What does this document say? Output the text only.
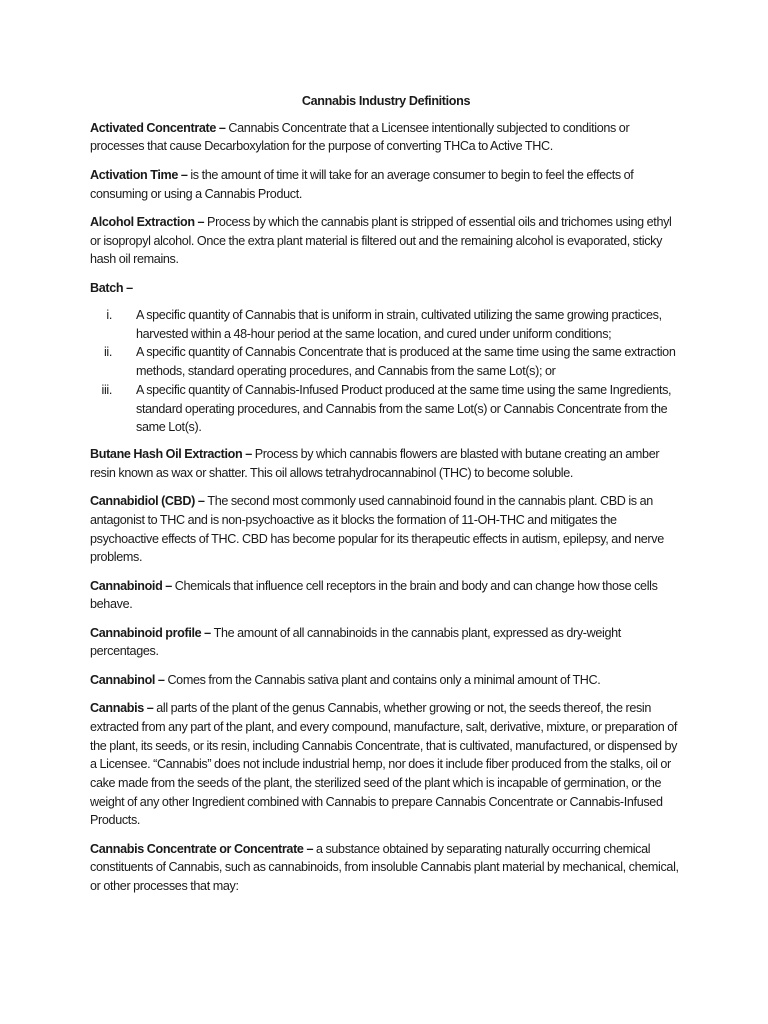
Cannabis Industry Definitions

Activated Concentrate – Cannabis Concentrate that a Licensee intentionally subjected to conditions or processes that cause Decarboxylation for the purpose of converting THCa to Active THC.

Activation Time – is the amount of time it will take for an average consumer to begin to feel the effects of consuming or using a Cannabis Product.

Alcohol Extraction – Process by which the cannabis plant is stripped of essential oils and trichomes using ethyl or isopropyl alcohol. Once the extra plant material is filtered out and the remaining alcohol is evaporated, sticky hash oil remains.

Batch –

i. A specific quantity of Cannabis that is uniform in strain, cultivated utilizing the same growing practices, harvested within a 48-hour period at the same location, and cured under uniform conditions;
ii. A specific quantity of Cannabis Concentrate that is produced at the same time using the same extraction methods, standard operating procedures, and Cannabis from the same Lot(s); or
iii. A specific quantity of Cannabis-Infused Product produced at the same time using the same Ingredients, standard operating procedures, and Cannabis from the same Lot(s) or Cannabis Concentrate from the same Lot(s).

Butane Hash Oil Extraction – Process by which cannabis flowers are blasted with butane creating an amber resin known as wax or shatter. This oil allows tetrahydrocannabinol (THC) to become soluble.

Cannabidiol (CBD) – The second most commonly used cannabinoid found in the cannabis plant. CBD is an antagonist to THC and is non-psychoactive as it blocks the formation of 11-OH-THC and mitigates the psychoactive effects of THC. CBD has become popular for its therapeutic effects in autism, epilepsy, and nerve problems.

Cannabinoid – Chemicals that influence cell receptors in the brain and body and can change how those cells behave.

Cannabinoid profile – The amount of all cannabinoids in the cannabis plant, expressed as dry-weight percentages.

Cannabinol – Comes from the Cannabis sativa plant and contains only a minimal amount of THC.

Cannabis – all parts of the plant of the genus Cannabis, whether growing or not, the seeds thereof, the resin extracted from any part of the plant, and every compound, manufacture, salt, derivative, mixture, or preparation of the plant, its seeds, or its resin, including Cannabis Concentrate, that is cultivated, manufactured, or dispensed by a Licensee. “Cannabis” does not include industrial hemp, nor does it include fiber produced from the stalks, oil or cake made from the seeds of the plant, the sterilized seed of the plant which is incapable of germination, or the weight of any other Ingredient combined with Cannabis to prepare Cannabis Concentrate or Cannabis-Infused Products.

Cannabis Concentrate or Concentrate – a substance obtained by separating naturally occurring chemical constituents of Cannabis, such as cannabinoids, from insoluble Cannabis plant material by mechanical, chemical, or other processes that may:
